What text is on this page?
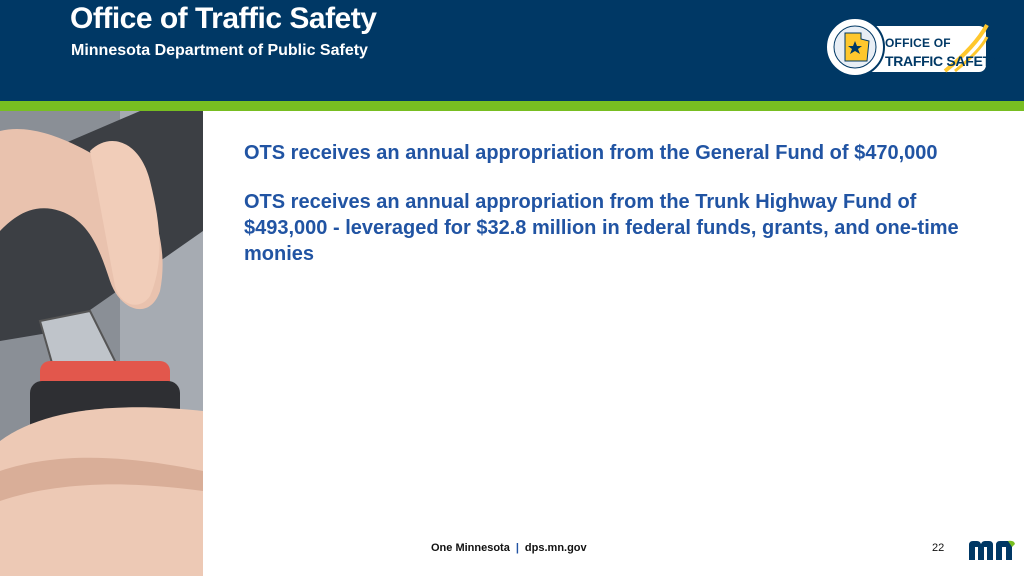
Office of Traffic Safety
Minnesota Department of Public Safety	OFFICE OF
TRAFFIC SAFETY

OTS receives an annual appropriation from the General Fund of $470,000

OTS receives an annual appropriation from the Trunk Highway Fund of $493,000 - leveraged for $32.8 million in federal funds, grants, and one-time monies

One Minnesota | dps.mn.gov	22
